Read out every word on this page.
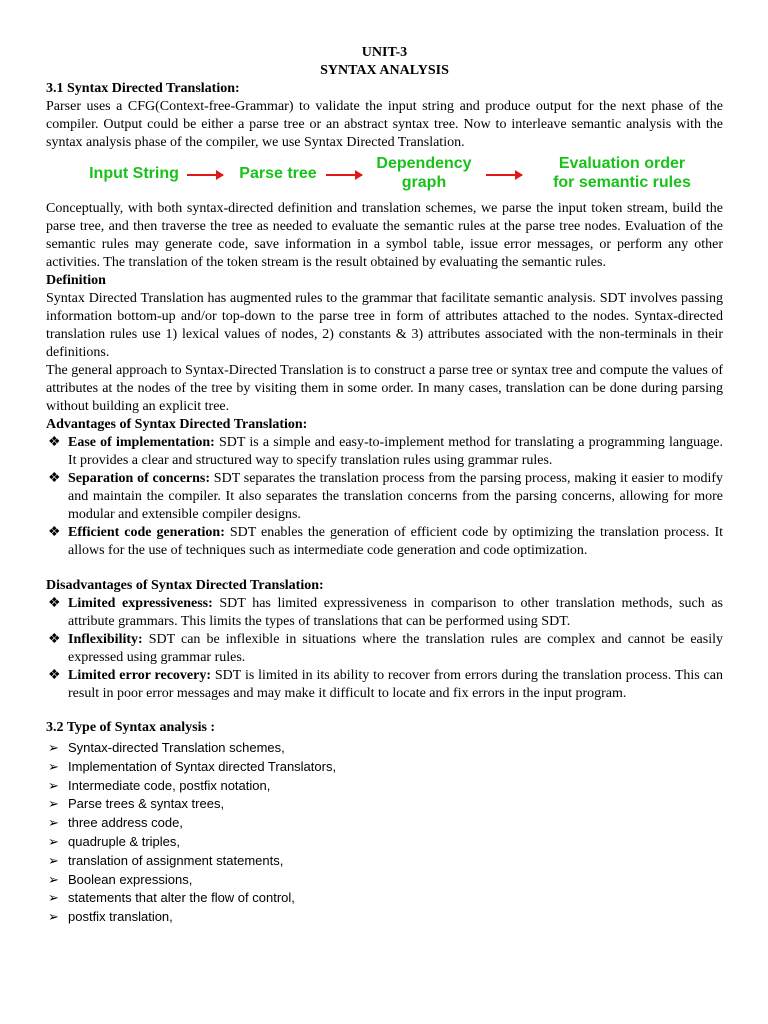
UNIT-3
SYNTAX ANALYSIS
3.1 Syntax Directed Translation:

Parser uses a CFG(Context-free-Grammar) to validate the input string and produce output for the next phase of the compiler. Output could be either a parse tree or an abstract syntax tree. Now to interleave semantic analysis with the syntax analysis phase of the compiler, we use Syntax Directed Translation.

Input String	Parse tree
Dependency
graph
Evaluation order
for semantic rules

Conceptually, with both syntax-directed definition and translation schemes, we parse the input token stream, build the parse tree, and then traverse the tree as needed to evaluate the semantic rules at the parse tree nodes. Evaluation of the semantic rules may generate code, save information in a symbol table, issue error messages, or perform any other activities. The translation of the token stream is the result obtained by evaluating the semantic rules.

Definition

Syntax Directed Translation has augmented rules to the grammar that facilitate semantic analysis. SDT involves passing information bottom-up and/or top-down to the parse tree in form of attributes attached to the nodes. Syntax-directed translation rules use 1) lexical values of nodes, 2) constants & 3) attributes associated with the non-terminals in their definitions.

The general approach to Syntax-Directed Translation is to construct a parse tree or syntax tree and compute the values of attributes at the nodes of the tree by visiting them in some order. In many cases, translation can be done during parsing without building an explicit tree.

Advantages of Syntax Directed Translation:
❖ Ease of implementation: SDT is a simple and easy-to-implement method for translating a programming language. It provides a clear and structured way to specify translation rules using grammar rules.
❖ Separation of concerns: SDT separates the translation process from the parsing process, making it easier to modify and maintain the compiler. It also separates the translation concerns from the parsing concerns, allowing for more modular and extensible compiler designs.
❖ Efficient code generation: SDT enables the generation of efficient code by optimizing the translation process. It allows for the use of techniques such as intermediate code generation and code optimization.
Disadvantages of Syntax Directed Translation:
❖ Limited expressiveness: SDT has limited expressiveness in comparison to other translation methods, such as attribute grammars. This limits the types of translations that can be performed using SDT.
❖ Inflexibility: SDT can be inflexible in situations where the translation rules are complex and cannot be easily expressed using grammar rules.
❖ Limited error recovery: SDT is limited in its ability to recover from errors during the translation process. This can result in poor error messages and may make it difficult to locate and fix errors in the input program.
3.2 Type of Syntax analysis :
➢ Syntax-directed Translation schemes,
➢ Implementation of Syntax directed Translators,
➢ Intermediate code, postfix notation,
➢ Parse trees & syntax trees,
➢ three address code,
➢ quadruple & triples,
➢ translation of assignment statements,
➢ Boolean expressions,
➢ statements that alter the flow of control,
➢ postfix translation,
